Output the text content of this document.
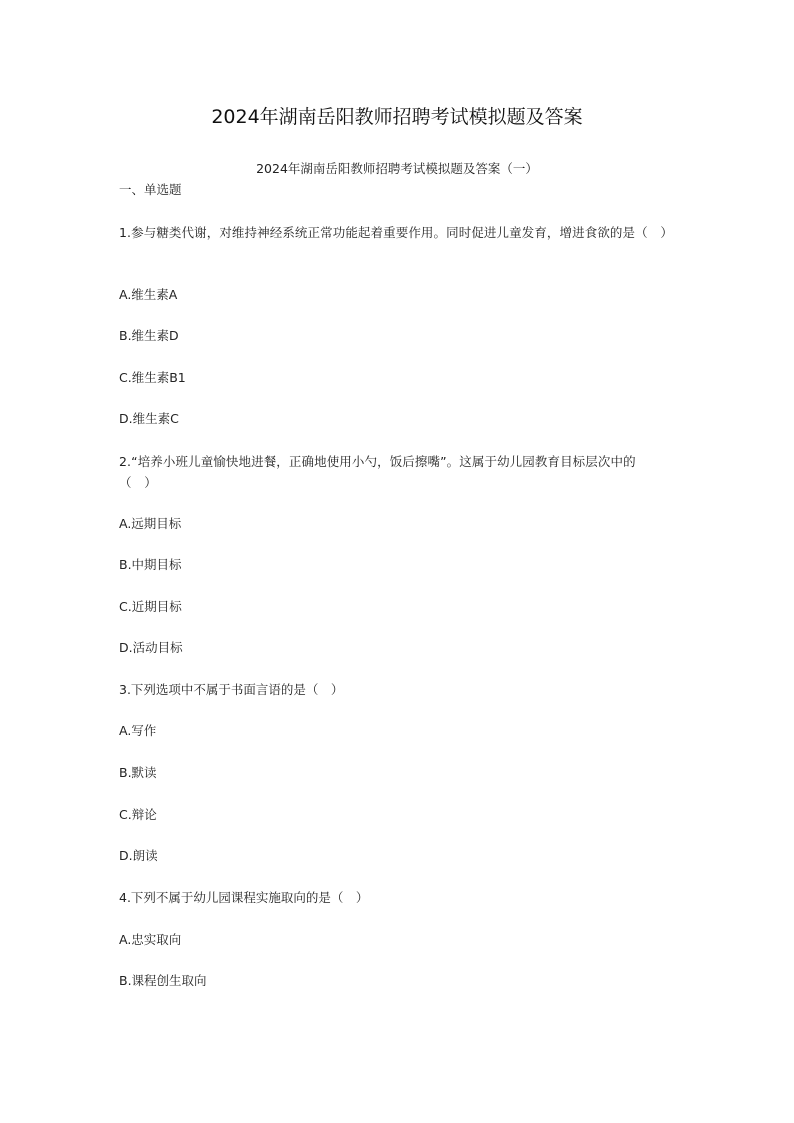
2024年湖南岳阳教师招聘考试模拟题及答案

2024年湖南岳阳教师招聘考试模拟题及答案（一）

一、单选题

1.参与糖类代谢，对维持神经系统正常功能起着重要作用。同时促进儿童发育，增进食欲的是（　）

A.维生素A

B.维生素D

C.维生素B1

D.维生素C

2.“培养小班儿童愉快地进餐，正确地使用小勺，饭后擦嘴”。这属于幼儿园教育目标层次中的（　）

A.远期目标

B.中期目标

C.近期目标

D.活动目标

3.下列选项中不属于书面言语的是（　）

A.写作

B.默读

C.辩论

D.朗读

4.下列不属于幼儿园课程实施取向的是（　）

A.忠实取向

B.课程创生取向
